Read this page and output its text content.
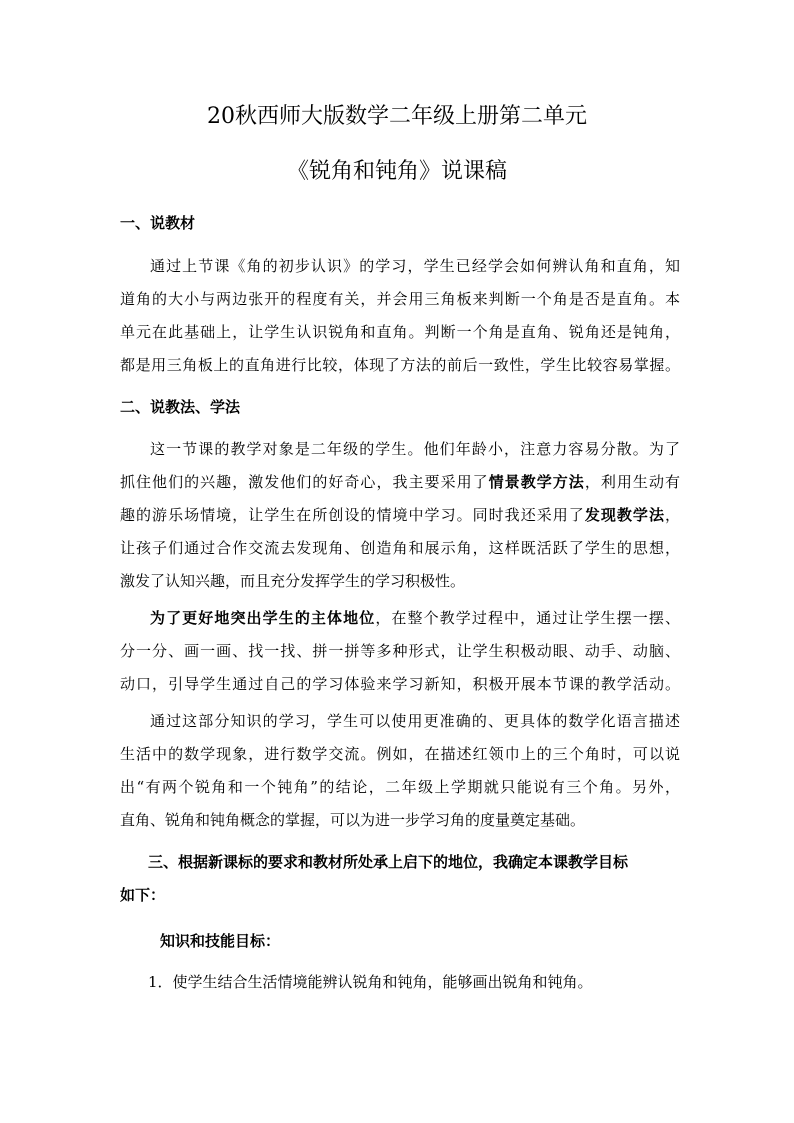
20秋西师大版数学二年级上册第二单元
《锐角和钝角》说课稿
一、说教材
通过上节课《角的初步认识》的学习，学生已经学会如何辨认角和直角，知
道角的大小与两边张开的程度有关，并会用三角板来判断一个角是否是直角。本
单元在此基础上，让学生认识锐角和直角。判断一个角是直角、锐角还是钝角，
都是用三角板上的直角进行比较，体现了方法的前后一致性，学生比较容易掌握。
二、说教法、学法
这一节课的教学对象是二年级的学生。他们年龄小，注意力容易分散。为了
抓住他们的兴趣，激发他们的好奇心，我主要采用了情景教学方法，利用生动有
趣的游乐场情境，让学生在所创设的情境中学习。同时我还采用了发现教学法，
让孩子们通过合作交流去发现角、创造角和展示角，这样既活跃了学生的思想，
激发了认知兴趣，而且充分发挥学生的学习积极性。
为了更好地突出学生的主体地位，在整个教学过程中，通过让学生摆一摆、
分一分、画一画、找一找、拼一拼等多种形式，让学生积极动眼、动手、动脑、
动口，引导学生通过自己的学习体验来学习新知，积极开展本节课的教学活动。
通过这部分知识的学习，学生可以使用更准确的、更具体的数学化语言描述
生活中的数学现象，进行数学交流。例如，在描述红领巾上的三个角时，可以说
出“有两个锐角和一个钝角”的结论，二年级上学期就只能说有三个角。另外，
直角、锐角和钝角概念的掌握，可以为进一步学习角的度量奠定基础。
三、根据新课标的要求和教材所处承上启下的地位，我确定本课教学目标
如下：
知识和技能目标：
1．使学生结合生活情境能辨认锐角和钝角，能够画出锐角和钝角。
